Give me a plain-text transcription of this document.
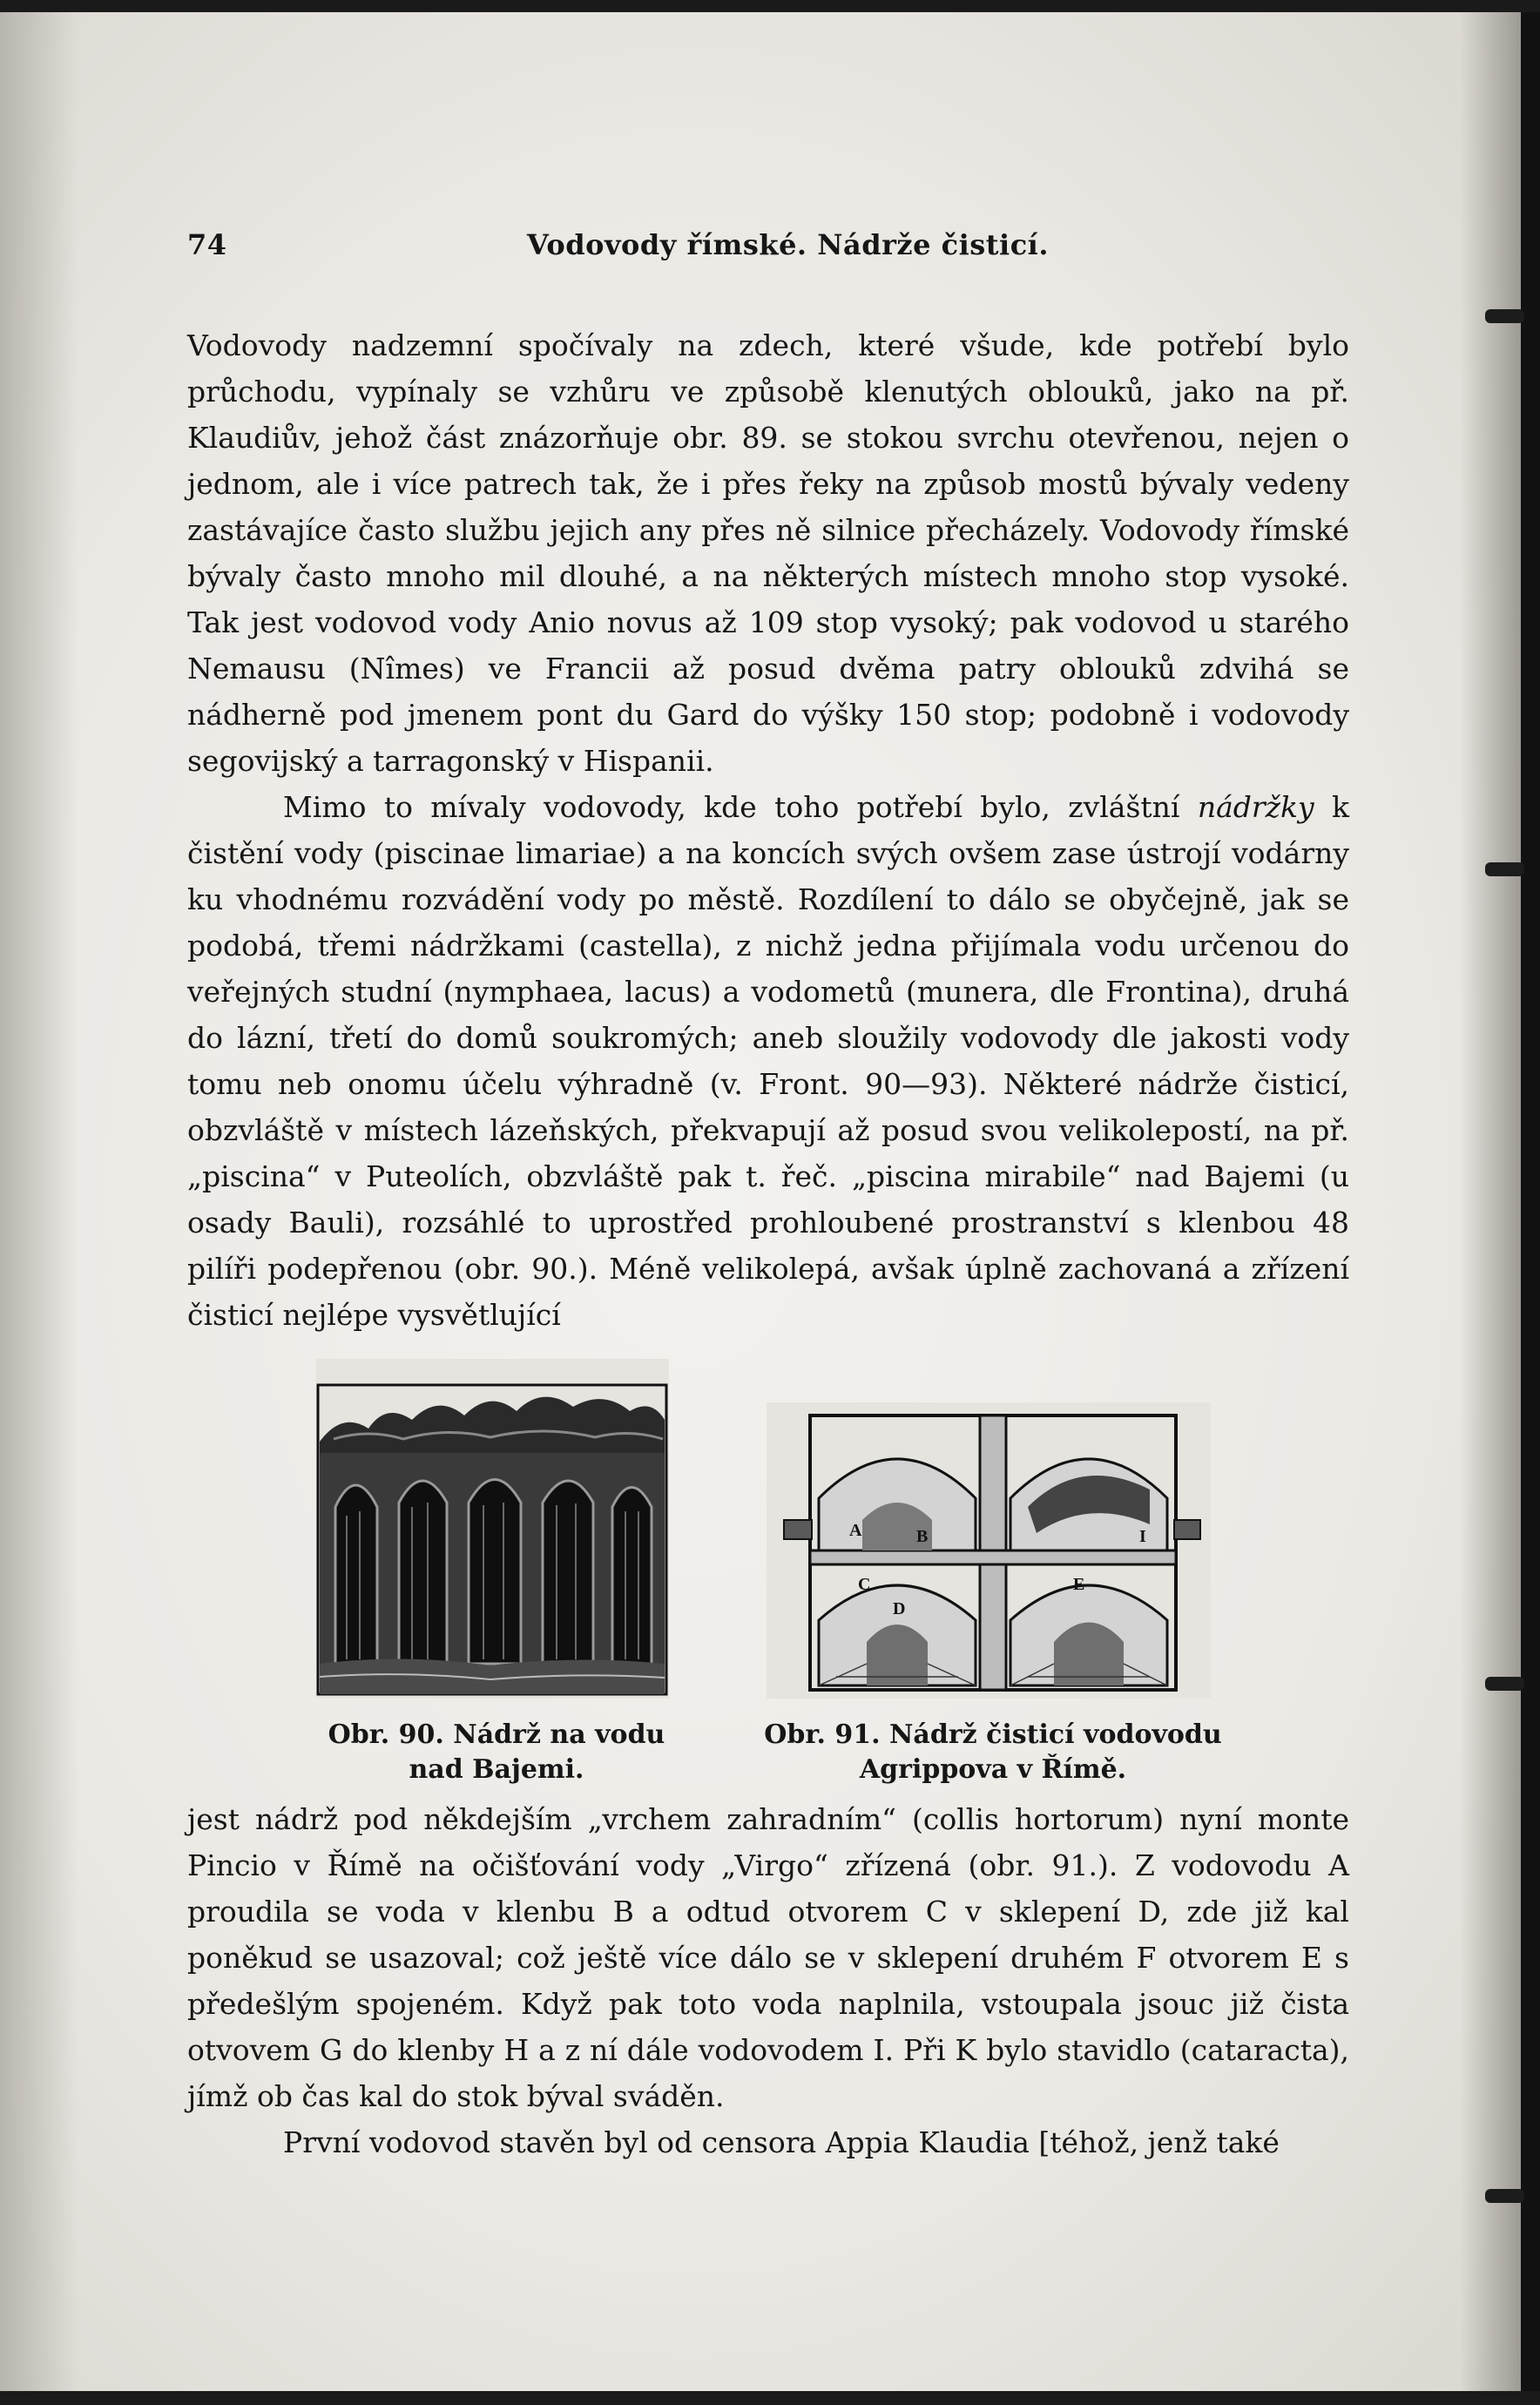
74	Vodovody římské. Nádrže čisticí.

Vodovody nadzemní spočívaly na zdech, které všude, kde potřebí bylo průchodu, vypínaly se vzhůru ve způsobě klenutých oblouků, jako na př. Klaudiův, jehož část znázorňuje obr. 89. se stokou svrchu otevřenou, nejen o jednom, ale i více patrech tak, že i přes řeky na způsob mostů bývaly vedeny zastávajíce často službu jejich any přes ně silnice přecházely. Vodovody římské bývaly často mnoho mil dlouhé, a na některých místech mnoho stop vysoké. Tak jest vodovod vody Anio novus až 109 stop vysoký; pak vodovod u starého Nemausu (Nîmes) ve Francii až posud dvěma patry oblouků zdvihá se nádherně pod jmenem pont du Gard do výšky 150 stop; podobně i vodovody segovijský a tarragonský v Hispanii.

Mimo to mívaly vodovody, kde toho potřebí bylo, zvláštní nádržky k čistění vody (piscinae limariae) a na koncích svých ovšem zase ústrojí vodárny ku vhodnému rozvádění vody po městě. Rozdílení to dálo se obyčejně, jak se podobá, třemi nádržkami (castella), z nichž jedna přijímala vodu určenou do veřejných studní (nymphaea, lacus) a vodometů (munera, dle Frontina), druhá do lázní, třetí do domů soukromých; aneb sloužily vodovody dle jakosti vody tomu neb onomu účelu výhradně (v. Front. 90—93). Některé nádrže čisticí, obzvláště v místech lázeňských, překvapují až posud svou velikolepostí, na př. „piscina“ v Puteolích, obzvláště pak t. řeč. „piscina mirabile“ nad Bajemi (u osady Bauli), rozsáhlé to uprostřed prohloubené prostranství s klenbou 48 pilíři podepřenou (obr. 90.). Méně velikolepá, avšak úplně zachovaná a zřízení čisticí nejlépe vysvětlující

A	B
C
D
E
I
Obr. 90. Nádrž na vodu
nad Bajemi.
Obr. 91. Nádrž čisticí vodovodu
Agrippova v Římě.

jest nádrž pod někdejším „vrchem zahradním“ (collis hortorum) nyní monte Pincio v Římě na očišťování vody „Virgo“ zřízená (obr. 91.). Z vodovodu A proudila se voda v klenbu B a odtud otvorem C v sklepení D, zde již kal poněkud se usazoval; což ještě více dálo se v sklepení druhém F otvorem E s předešlým spojeném. Když pak toto voda naplnila, vstoupala jsouc již čista otvovem G do klenby H a z ní dále vodovodem I. Při K bylo stavidlo (cataracta), jímž ob čas kal do stok býval sváděn.

První vodovod stavěn byl od censora Appia Klaudia [téhož, jenž také
